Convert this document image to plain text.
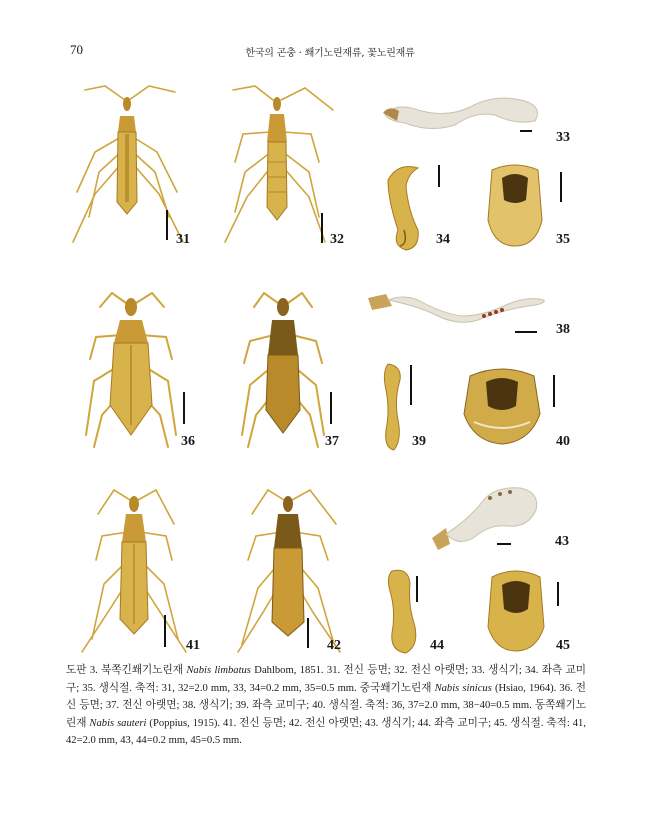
70	한국의 곤충 · 쐐기노린재류, 꽃노린재류
31	32
33
34	35
36	37
38
39	40
41	42
43
44	45
도판 3. 북쪽긴쐐기노린재 Nabis limbatus Dahlbom, 1851. 31. 전신 등면; 32. 전신 아랫면; 33. 생식기; 34. 좌측 교미구; 35. 생식절. 축적: 31, 32=2.0 mm, 33, 34=0.2 mm, 35=0.5 mm. 중국쐐기노린재 Nabis sinicus (Hsiao, 1964). 36. 전신 등면; 37. 전신 아랫면; 38. 생식기; 39. 좌측 교미구; 40. 생식절. 축적: 36, 37=2.0 mm, 38−40=0.5 mm. 동쪽쐐기노린재 Nabis sauteri (Poppius, 1915). 41. 전신 등면; 42. 전신 아랫면; 43. 생식기; 44. 좌측 교미구; 45. 생식절. 축적: 41, 42=2.0 mm, 43, 44=0.2 mm, 45=0.5 mm.
